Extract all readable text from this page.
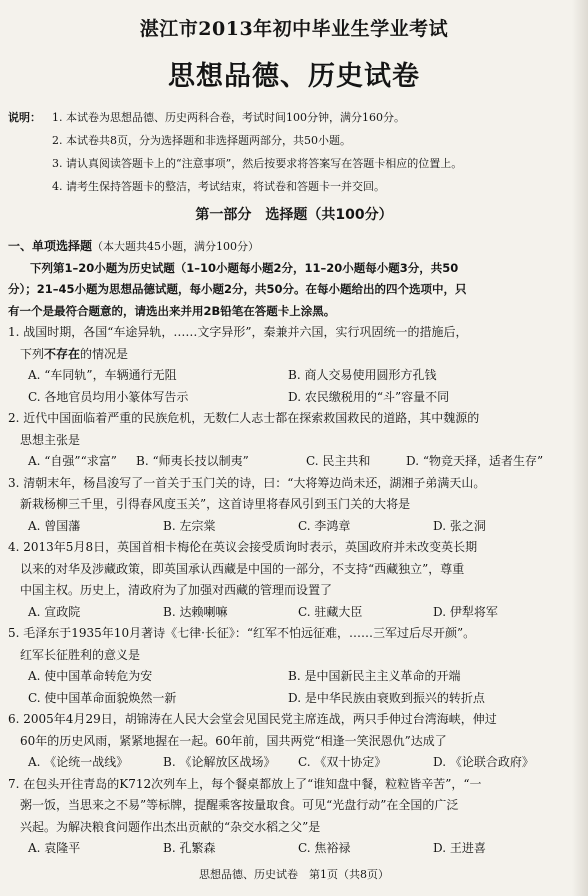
湛江市2013年初中毕业生学业考试
思想品德、历史试卷
说明： 1. 本试卷为思想品德、历史两科合卷，考试时间100分钟，满分160分。
2. 本试卷共8页，分为选择题和非选择题两部分，共50小题。
3. 请认真阅读答题卡上的“注意事项”，然后按要求将答案写在答题卡相应的位置上。
4. 请考生保持答题卡的整洁，考试结束，将试卷和答题卡一并交回。
第一部分　选择题（共100分）
一、单项选择题（本大题共45小题，满分100分）
下列第1–20小题为历史试题（1–10小题每小题2分，11–20小题每小题3分，共50
分）；21–45小题为思想品德试题，每小题2分，共50分。在每小题给出的四个选项中，只
有一个是最符合题意的，请选出来并用2B铅笔在答题卡上涂黑。
1. 战国时期，各国“车途异轨，……文字异形”，秦兼并六国，实行巩固统一的措施后，
　下列不存在的情况是
A. “车同轨”，车辆通行无阻	B. 商人交易使用圆形方孔钱
C. 各地官员均用小篆体写告示	D. 农民缴税用的“斗”容量不同
2. 近代中国面临着严重的民族危机，无数仁人志士都在探索救国救民的道路，其中魏源的
　思想主张是
A. “自强”“求富”	B. “师夷长技以制夷”	C. 民主共和	D. “物竞天择，适者生存”
3. 清朝末年，杨昌浚写了一首关于玉门关的诗，曰：“大将筹边尚未还，湖湘子弟满天山。
　新栽杨柳三千里，引得春风度玉关”，这首诗里将春风引到玉门关的大将是
A. 曾国藩	B. 左宗棠	C. 李鸿章	D. 张之洞
4. 2013年5月8日，英国首相卡梅伦在英议会接受质询时表示，英国政府并未改变英长期
　以来的对华及涉藏政策，即英国承认西藏是中国的一部分，不支持“西藏独立”，尊重
　中国主权。历史上，清政府为了加强对西藏的管理而设置了
A. 宣政院	B. 达赖喇嘛	C. 驻藏大臣	D. 伊犁将军
5. 毛泽东于1935年10月著诗《七律·长征》：“红军不怕远征难，……三军过后尽开颜”。
　红军长征胜利的意义是
A. 使中国革命转危为安	B. 是中国新民主主义革命的开端
C. 使中国革命面貌焕然一新	D. 是中华民族由衰败到振兴的转折点
6. 2005年4月29日，胡锦涛在人民大会堂会见国民党主席连战，两只手伸过台湾海峡，伸过
　60年的历史风雨，紧紧地握在一起。60年前，国共两党“相逢一笑泯恩仇”达成了
A. 《论统一战线》	B. 《论解放区战场》	C. 《双十协定》	D. 《论联合政府》
7. 在包头开往青岛的K712次列车上，每个餐桌都放上了“谁知盘中餐，粒粒皆辛苦”，“一
　粥一饭，当思来之不易”等标牌，提醒乘客按量取食。可见“光盘行动”在全国的广泛
　兴起。为解决粮食问题作出杰出贡献的“杂交水稻之父”是
A. 袁隆平	B. 孔繁森	C. 焦裕禄	D. 王进喜
思想品德、历史试卷　第1页（共8页）
